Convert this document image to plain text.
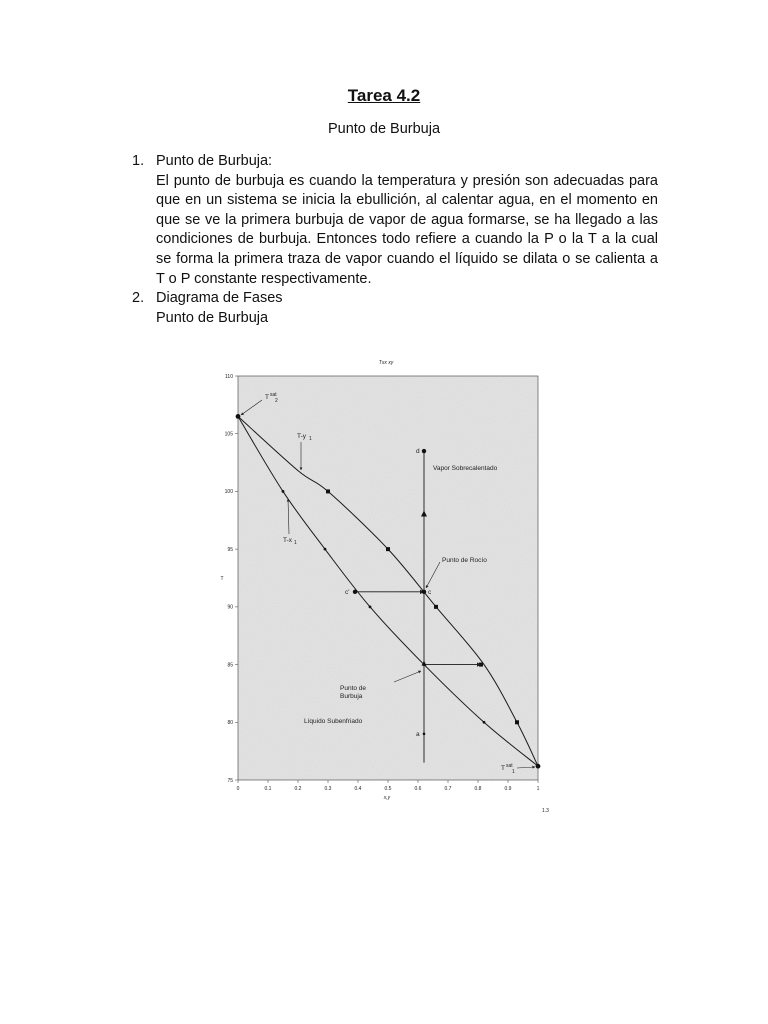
Tarea 4.2
Punto de Burbuja
1. Punto de Burbuja:
El punto de burbuja es cuando la temperatura y presión son adecuadas para que en un sistema se inicia la ebullición, al calentar agua, en el momento en que se ve la primera burbuja de vapor de agua formarse, se ha llegado a las condiciones de burbuja. Entonces todo refiere a cuando la P o la T a la cual se forma la primera traza de vapor cuando el líquido se dilata o se calienta a T o P constante respectivamente.
2. Diagrama de Fases
Punto de Burbuja
Txx xy
75
80
85
90
95
100
105
110
0	0.1	0.2	0.3	0.4	0.5	0.6	0.7	0.8	0.9	1
T
x,y
a
d
c
c'
T sat
2
T-y 1
T-x 1
Vapor Sobrecalentado
Punto de Rocío
Punto de
Burbuja
Líquido Subenfriado
T sat
1
1.3
